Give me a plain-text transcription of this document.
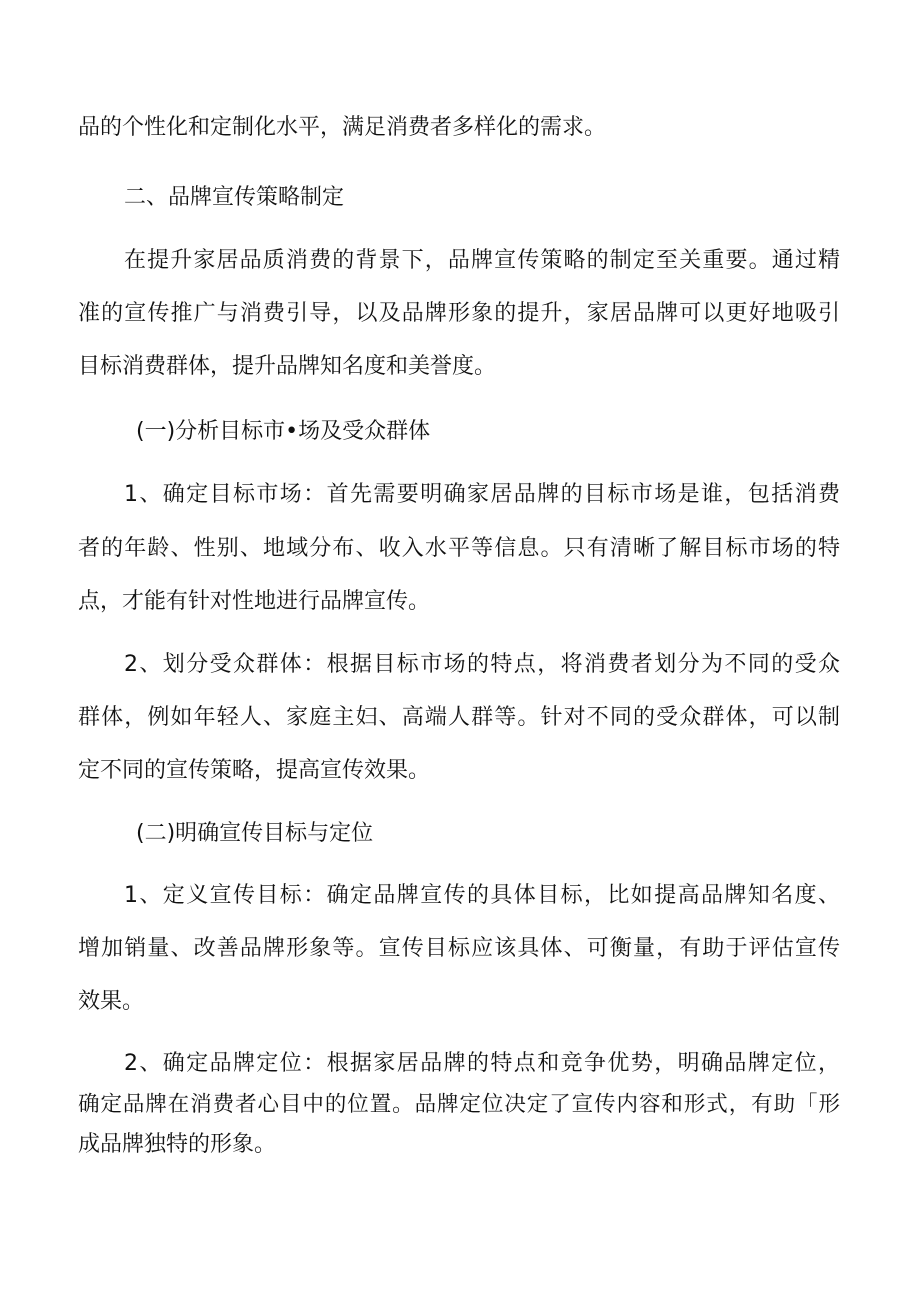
品的个性化和定制化水平，满足消费者多样化的需求。
二、品牌宣传策略制定
在提升家居品质消费的背景下，品牌宣传策略的制定至关重要。通过精
准的宣传推广与消费引导，以及品牌形象的提升，家居品牌可以更好地吸引
目标消费群体，提升品牌知名度和美誉度。
(一)分析目标市•场及受众群体
1、确定目标市场：首先需要明确家居品牌的目标市场是谁，包括消费
者的年龄、性别、地域分布、收入水平等信息。只有清晰了解目标市场的特
点，才能有针对性地进行品牌宣传。
2、划分受众群体：根据目标市场的特点，将消费者划分为不同的受众
群体，例如年轻人、家庭主妇、高端人群等。针对不同的受众群体，可以制
定不同的宣传策略，提高宣传效果。
(二)明确宣传目标与定位
1、定义宣传目标：确定品牌宣传的具体目标，比如提高品牌知名度、
增加销量、改善品牌形象等。宣传目标应该具体、可衡量，有助于评估宣传
效果。
2、确定品牌定位：根据家居品牌的特点和竞争优势，明确品牌定位，
确定品牌在消费者心目中的位置。品牌定位决定了宣传内容和形式，有助「形
成品牌独特的形象。
